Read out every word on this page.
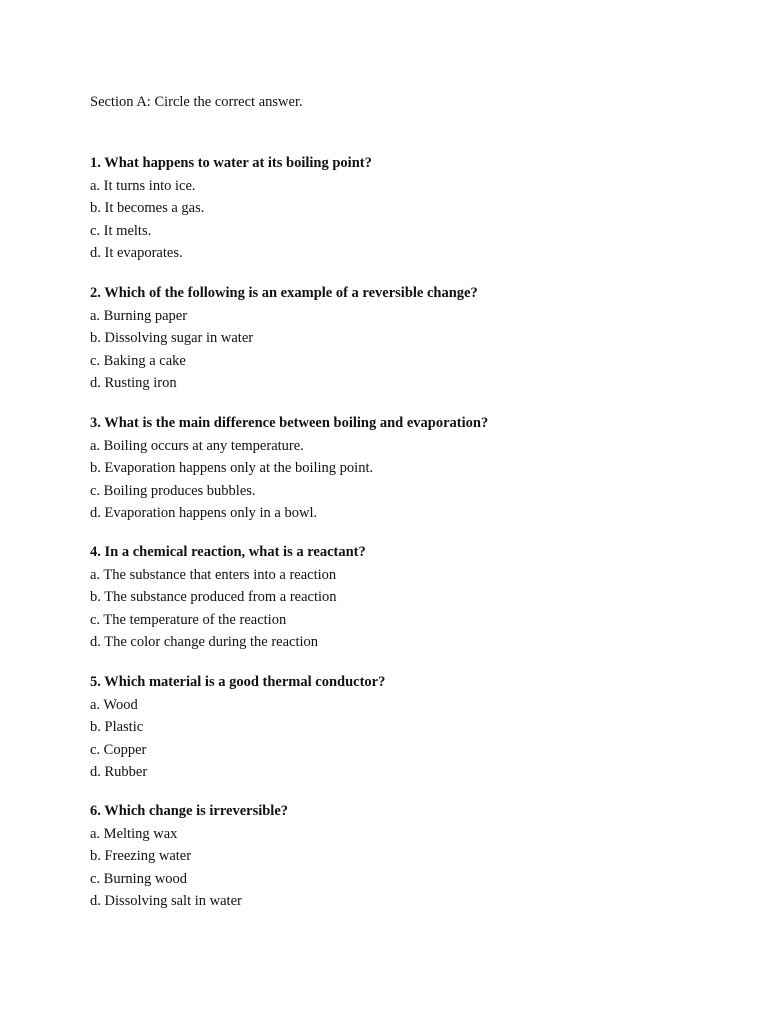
Section A: Circle the correct answer.

1. What happens to water at its boiling point?

a. It turns into ice.
b. It becomes a gas.
c. It melts.
d. It evaporates.

2. Which of the following is an example of a reversible change?

a. Burning paper
b. Dissolving sugar in water
c. Baking a cake
d. Rusting iron

3. What is the main difference between boiling and evaporation?

a. Boiling occurs at any temperature.
b. Evaporation happens only at the boiling point.
c. Boiling produces bubbles.
d. Evaporation happens only in a bowl.

4. In a chemical reaction, what is a reactant?

a. The substance that enters into a reaction
b. The substance produced from a reaction
c. The temperature of the reaction
d. The color change during the reaction

5. Which material is a good thermal conductor?

a. Wood
b. Plastic
c. Copper
d. Rubber

6. Which change is irreversible?

a. Melting wax
b. Freezing water
c. Burning wood
d. Dissolving salt in water
